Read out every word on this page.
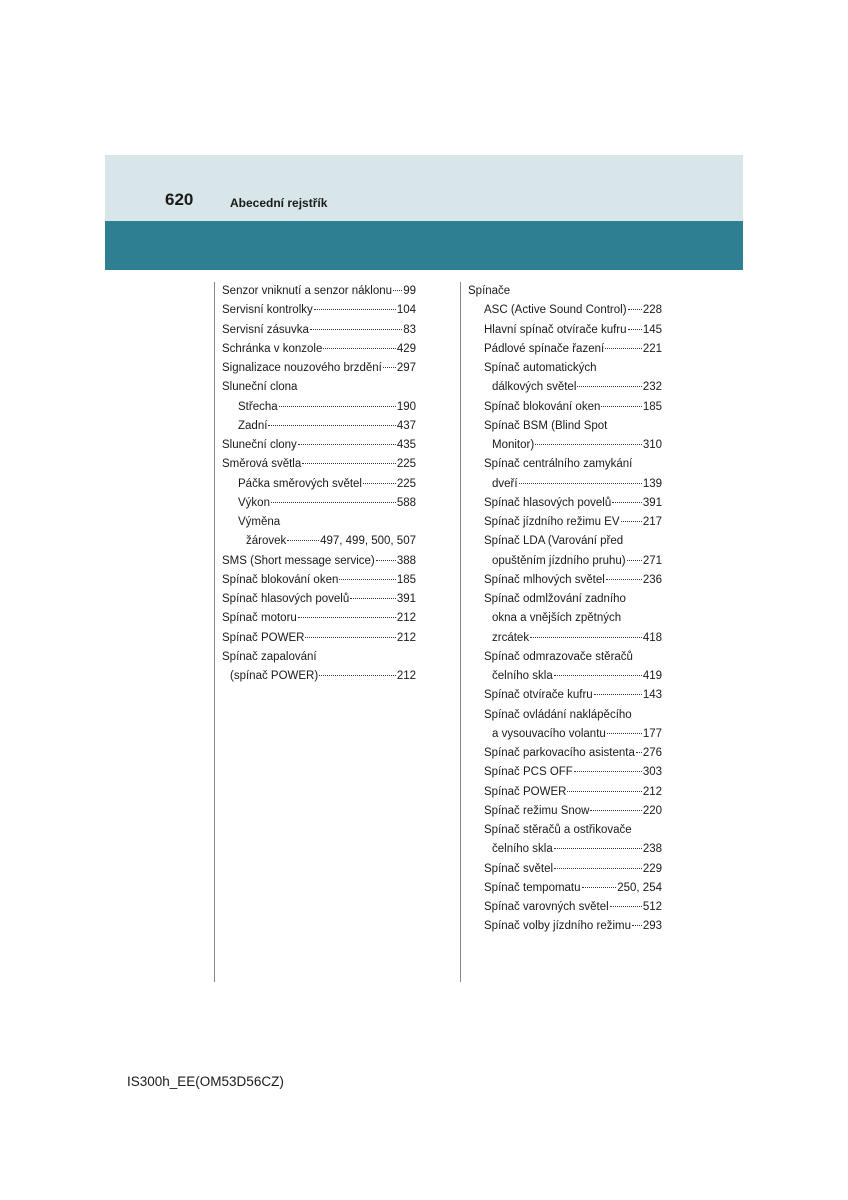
620	Abecední rejstřík
Senzor vniknutí a senzor náklonu 99
Servisní kontrolky	104
Servisní zásuvka	83
Schránka v konzole	429
Signalizace nouzového brzdění 297
Sluneční clona
Střecha	190
Zadní	437
Sluneční clony	435
Směrová světla	225
Páčka směrových světel	225
Výkon	588
Výměna
žárovek	497, 499, 500, 507
SMS (Short message service) 388
Spínač blokování oken	185
Spínač hlasových povelů	391
Spínač motoru	212
Spínač POWER	212
Spínač zapalování
(spínač POWER)	212
Spínače
ASC (Active Sound Control) 228
Hlavní spínač otvírače kufru 145
Pádlové spínače řazení	221
Spínač automatických
dálkových světel	232
Spínač blokování oken	185
Spínač BSM (Blind Spot
Monitor)	310
Spínač centrálního zamykání
dveří	139
Spínač hlasových povelů	391
Spínač jízdního režimu EV 217
Spínač LDA (Varování před
opuštěním jízdního pruhu) 271
Spínač mlhových světel	236
Spínač odmlžování zadního
okna a vnějších zpětných
zrcátek	418
Spínač odmrazovače stěračů
čelního skla	419
Spínač otvírače kufru	143
Spínač ovládání naklápěcího
a vysouvacího volantu	177
Spínač parkovacího asistenta 276
Spínač PCS OFF	303
Spínač POWER	212
Spínač režimu Snow	220
Spínač stěračů a ostřikovače
čelního skla	238
Spínač světel	229
Spínač tempomatu	250, 254
Spínač varovných světel	512
Spínač volby jízdního režimu 293
IS300h_EE(OM53D56CZ)
